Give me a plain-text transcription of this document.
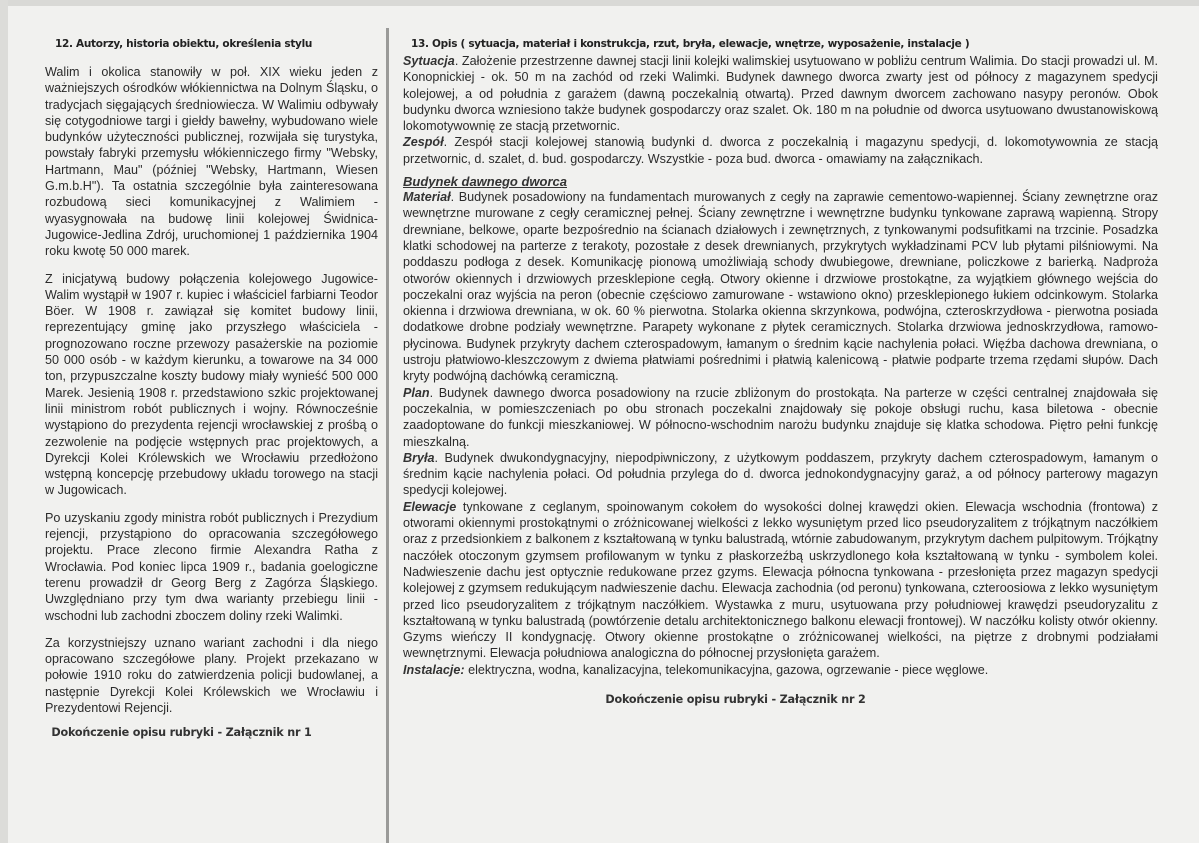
12. Autorzy, historia obiektu, określenia stylu

Walim i okolica stanowiły w poł. XIX wieku jeden z ważniejszych ośrodków włókiennictwa na Dolnym Śląsku, o tradycjach sięgających średniowiecza. W Walimiu odbywały się cotygodniowe targi i giełdy bawełny, wybudowano wiele budynków użyteczności publicznej, rozwijała się turystyka, powstały fabryki przemysłu włókienniczego firmy "Websky, Hartmann, Mau" (później "Websky, Hartmann, Wiesen G.m.b.H"). Ta ostatnia szczególnie była zainteresowana rozbudową sieci komunikacyjnej z Walimiem - wyasygnowała na budowę linii kolejowej Świdnica-Jugowice-Jedlina Zdrój, uruchomionej 1 października 1904 roku kwotę 50 000 marek.

Z inicjatywą budowy połączenia kolejowego Jugowice-Walim wystąpił w 1907 r. kupiec i właściciel farbiarni Teodor Böer. W 1908 r. zawiązał się komitet budowy linii, reprezentujący gminę jako przyszłego właściciela - prognozowano roczne przewozy pasażerskie na poziomie 50 000 osób - w każdym kierunku, a towarowe na 34 000 ton, przypuszczalne koszty budowy miały wynieść 500 000 Marek. Jesienią 1908 r. przedstawiono szkic projektowanej linii ministrom robót publicznych i wojny. Równocześnie wystąpiono do prezydenta rejencji wrocławskiej z prośbą o zezwolenie na podjęcie wstępnych prac projektowych, a Dyrekcji Kolei Królewskich we Wrocławiu przedłożono wstępną koncepcję przebudowy układu torowego na stacji w Jugowicach.

Po uzyskaniu zgody ministra robót publicznych i Prezydium rejencji, przystąpiono do opracowania szczegółowego projektu. Prace zlecono firmie Alexandra Ratha z Wrocławia. Pod koniec lipca 1909 r., badania goelogiczne terenu prowadził dr Georg Berg z Zagórza Śląskiego. Uwzględniano przy tym dwa warianty przebiegu linii - wschodni lub zachodni zboczem doliny rzeki Walimki.

Za korzystniejszy uznano wariant zachodni i dla niego opracowano szczegółowe plany. Projekt przekazano w połowie 1910 roku do zatwierdzenia policji budowlanej, a następnie Dyrekcji Kolei Królewskich we Wrocławiu i Prezydentowi Rejencji.

Dokończenie opisu rubryki - Załącznik nr 1
13. Opis ( sytuacja, materiał i konstrukcja, rzut, bryła, elewacje, wnętrze, wyposażenie, instalacje )

Sytuacja. Założenie przestrzenne dawnej stacji linii kolejki walimskiej usytuowano w pobliżu centrum Walimia. Do stacji prowadzi ul. M. Konopnickiej - ok. 50 m na zachód od rzeki Walimki. Budynek dawnego dworca zwarty jest od północy z magazynem spedycji kolejowej, a od południa z garażem (dawną poczekalnią otwartą). Przed dawnym dworcem zachowano nasypy peronów. Obok budynku dworca wzniesiono także budynek gospodarczy oraz szalet. Ok. 180 m na południe od dworca usytuowano dwustanowiskową lokomotywownię ze stacją przetwornic.

Zespół. Zespół stacji kolejowej stanowią budynki d. dworca z poczekalnią i magazynu spedycji, d. lokomotywownia ze stacją przetwornic, d. szalet, d. bud. gospodarczy. Wszystkie - poza bud. dworca - omawiamy na załącznikach.

Budynek dawnego dworca

Materiał. Budynek posadowiony na fundamentach murowanych z cegły na zaprawie cementowo-wapiennej. Ściany zewnętrzne oraz wewnętrzne murowane z cegły ceramicznej pełnej. Ściany zewnętrzne i wewnętrzne budynku tynkowane zaprawą wapienną. Stropy drewniane, belkowe, oparte bezpośrednio na ścianach działowych i zewnętrznych, z tynkowanymi podsufitkami na trzcinie. Posadzka klatki schodowej na parterze z terakoty, pozostałe z desek drewnianych, przykrytych wykładzinami PCV lub płytami pilśniowymi. Na poddaszu podłoga z desek. Komunikację pionową umożliwiają schody dwubiegowe, drewniane, policzkowe z barierką. Nadproża otworów okiennych i drzwiowych przesklepione cegłą. Otwory okienne i drzwiowe prostokątne, za wyjątkiem głównego wejścia do poczekalni oraz wyjścia na peron (obecnie częściowo zamurowane - wstawiono okno) przesklepionego łukiem odcinkowym. Stolarka okienna i drzwiowa drewniana, w ok. 60 % pierwotna. Stolarka okienna skrzynkowa, podwójna, czteroskrzydłowa - pierwotna posiada dodatkowe drobne podziały wewnętrzne. Parapety wykonane z płytek ceramicznych. Stolarka drzwiowa jednoskrzydłowa, ramowo-płycinowa. Budynek przykryty dachem czterospadowym, łamanym o średnim kącie nachylenia połaci. Więźba dachowa drewniana, o ustroju płatwiowo-kleszczowym z dwiema płatwiami pośrednimi i płatwią kalenicową - płatwie podparte trzema rzędami słupów. Dach kryty podwójną dachówką ceramiczną.

Plan. Budynek dawnego dworca posadowiony na rzucie zbliżonym do prostokąta. Na parterze w części centralnej znajdowała się poczekalnia, w pomieszczeniach po obu stronach poczekalni znajdowały się pokoje obsługi ruchu, kasa biletowa - obecnie zaadoptowane do funkcji mieszkaniowej. W północno-wschodnim narożu budynku znajduje się klatka schodowa. Piętro pełni funkcję mieszkalną.

Bryła. Budynek dwukondygnacyjny, niepodpiwniczony, z użytkowym poddaszem, przykryty dachem czterospadowym, łamanym o średnim kącie nachylenia połaci. Od południa przylega do d. dworca jednokondygnacyjny garaż, a od północy parterowy magazyn spedycji kolejowej.

Elewacje tynkowane z ceglanym, spoinowanym cokołem do wysokości dolnej krawędzi okien. Elewacja wschodnia (frontowa) z otworami okiennymi prostokątnymi o zróżnicowanej wielkości z lekko wysuniętym przed lico pseudoryzalitem z trójkątnym naczółkiem oraz z przedsionkiem z balkonem z kształtowaną w tynku balustradą, wtórnie zabudowanym, przykrytym dachem pulpitowym. Trójkątny naczółek otoczonym gzymsem profilowanym w tynku z płaskorzeźbą uskrzydlonego koła kształtowaną w tynku - symbolem kolei. Nadwieszenie dachu jest optycznie redukowane przez gzyms. Elewacja północna tynkowana - przesłonięta przez magazyn spedycji kolejowej z gzymsem redukującym nadwieszenie dachu. Elewacja zachodnia (od peronu) tynkowana, czteroosiowa z lekko wysuniętym przed lico pseudoryzalitem z trójkątnym naczółkiem. Wystawka z muru, usytuowana przy południowej krawędzi pseudoryzalitu z kształtowaną w tynku balustradą (powtórzenie detalu architektonicznego balkonu elewacji frontowej). W naczółku kolisty otwór okienny. Gzyms wieńczy II kondygnację. Otwory okienne prostokątne o zróżnicowanej wielkości, na piętrze z drobnymi podziałami wewnętrznymi. Elewacja południowa analogiczna do północnej przysłonięta garażem.

Instalacje: elektryczna, wodna, kanalizacyjna, telekomunikacyjna, gazowa, ogrzewanie - piece węglowe.

Dokończenie opisu rubryki - Załącznik nr 2
